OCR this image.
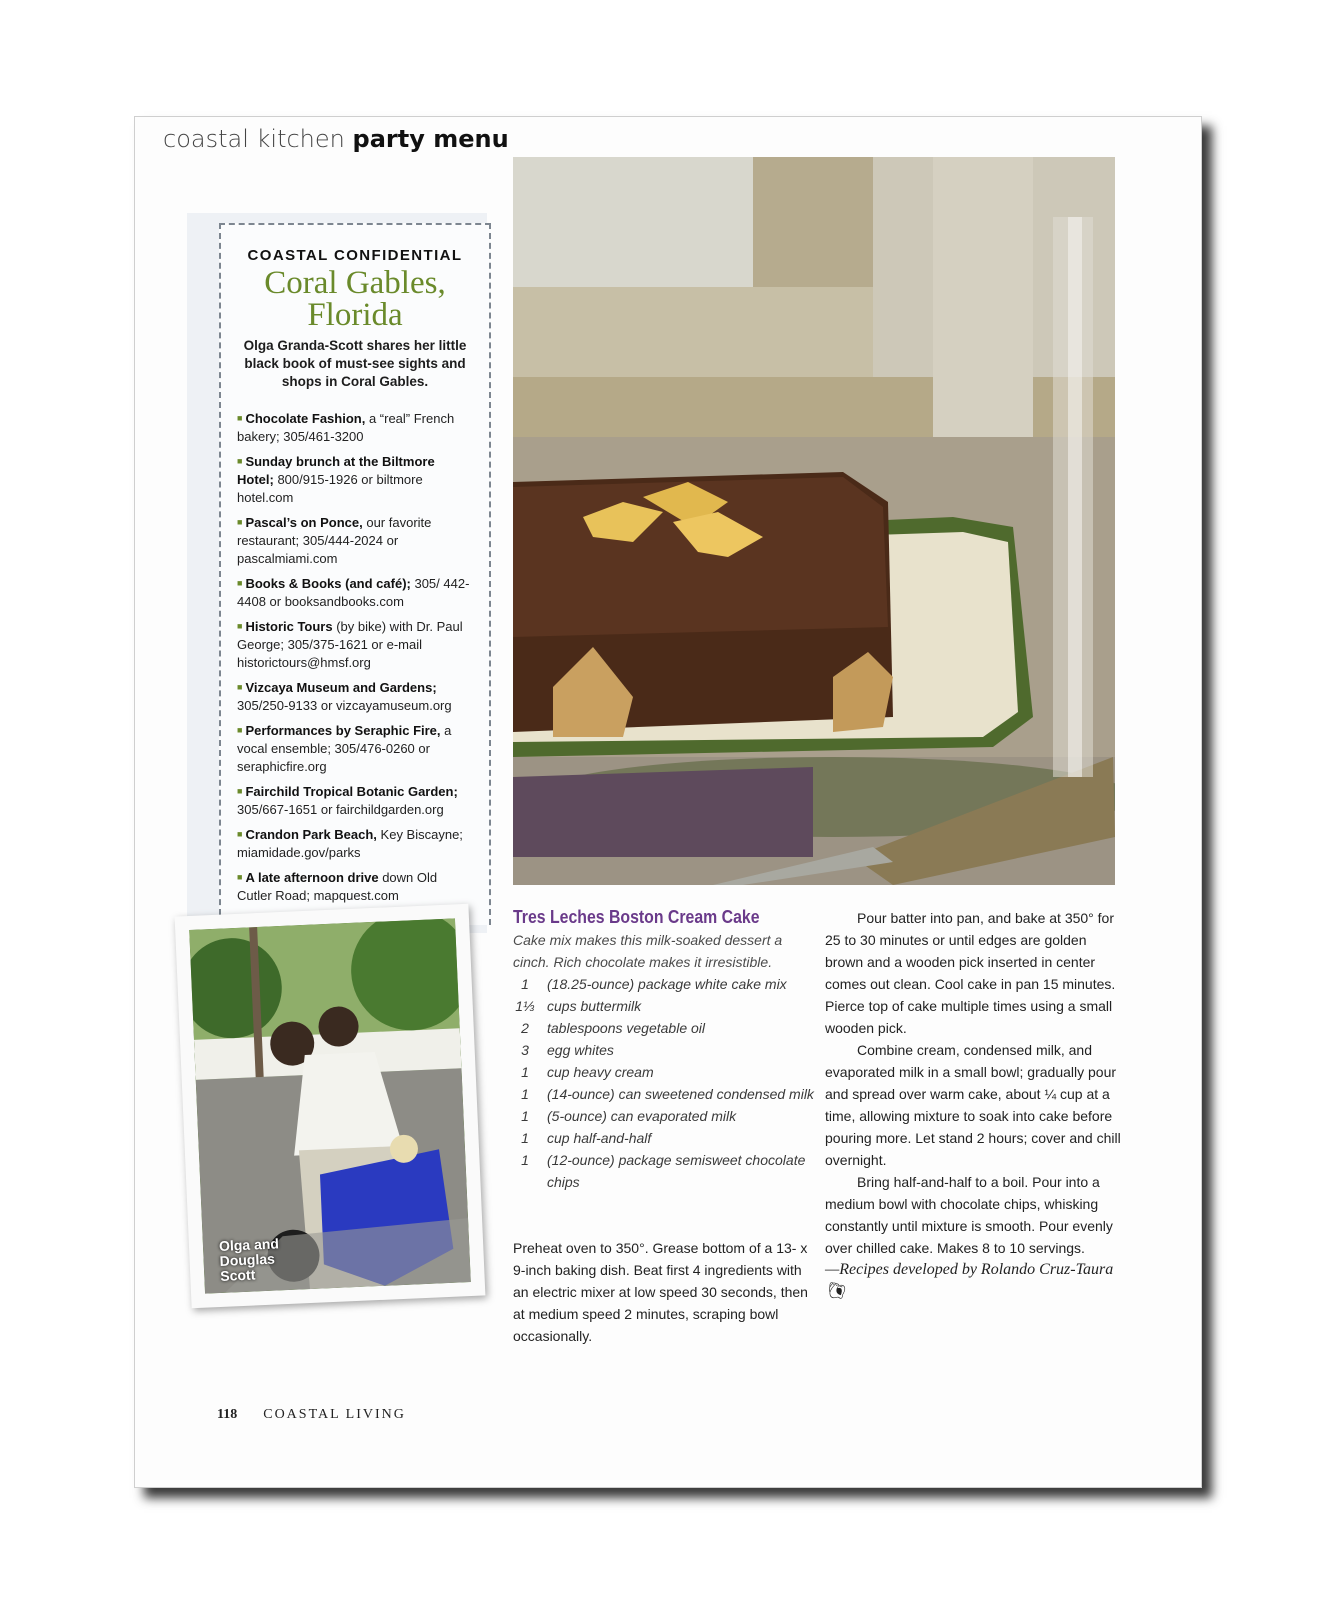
coastal kitchen party menu
COASTAL CONFIDENTIAL
Coral Gables,
Florida
Olga Granda-Scott shares her little black book of must-see sights and shops in Coral Gables.
■ Chocolate Fashion, a “real” French bakery; 305/461-3200
■ Sunday brunch at the Biltmore Hotel; 800/915-1926 or biltmore hotel.com
■ Pascal’s on Ponce, our favorite restaurant; 305/444-2024 or pascalmiami.com
■ Books & Books (and café); 305/ 442-4408 or booksandbooks.com
■ Historic Tours (by bike) with Dr. Paul George; 305/375-1621 or e-mail historictours@hmsf.org
■ Vizcaya Museum and Gardens; 305/250-9133 or vizcayamuseum.org
■ Performances by Seraphic Fire, a vocal ensemble; 305/476-0260 or seraphicfire.org
■ Fairchild Tropical Botanic Garden; 305/667-1651 or fairchildgarden.org
■ Crandon Park Beach, Key Biscayne; miamidade.gov/parks
■ A late afternoon drive down Old Cutler Road; mapquest.com
Olga and
Douglas
Scott
Tres Leches Boston Cream Cake
Cake mix makes this milk-soaked dessert a cinch. Rich chocolate makes it irresistible.
1	(18.25-ounce) package white cake mix
1⅓ cups buttermilk
2	tablespoons vegetable oil
3	egg whites
1	cup heavy cream
1	(14-ounce) can sweetened condensed milk
1	(5-ounce) can evaporated milk
1	cup half-and-half
1	(12-ounce) package semisweet chocolate chips
Preheat oven to 350°. Grease bottom of a 13- x 9-inch baking dish. Beat first 4 ingredients with an electric mixer at low speed 30 seconds, then at medium speed 2 minutes, scraping bowl occasionally.

Pour batter into pan, and bake at 350° for 25 to 30 minutes or until edges are golden brown and a wooden pick inserted in center comes out clean. Cool cake in pan 15 minutes. Pierce top of cake multiple times using a small wooden pick.

Combine cream, condensed milk, and evaporated milk in a small bowl; gradually pour and spread over warm cake, about ¼ cup at a time, allowing mixture to soak into cake before pouring more. Let stand 2 hours; cover and chill overnight.

Bring half-and-half to a boil. Pour into a medium bowl with chocolate chips, whisking constantly until mixture is smooth. Pour evenly over chilled cake. Makes 8 to 10 servings.

—Recipes developed by Rolando Cruz-Taura 🐚︎

118 COASTAL LIVING
